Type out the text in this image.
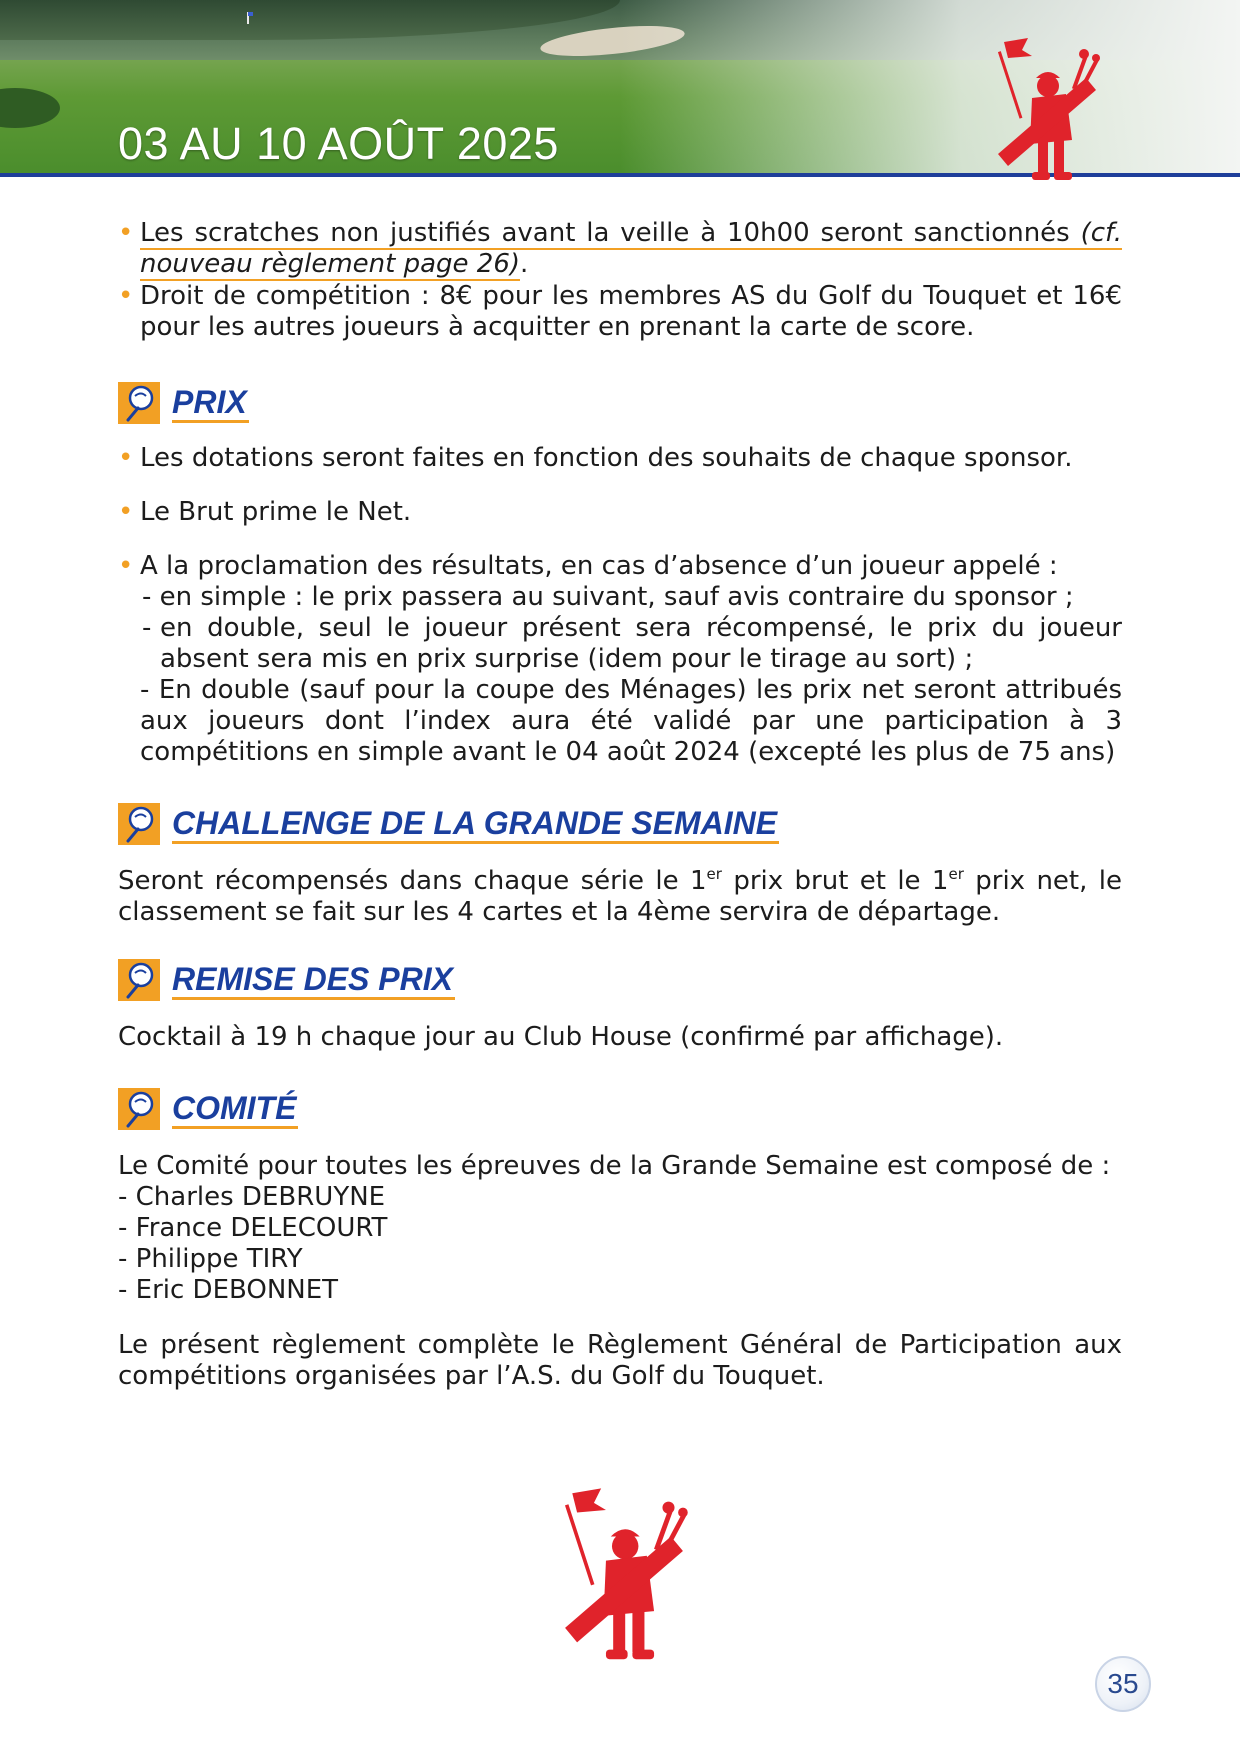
03 AU 10 AOÛT 2025
• Les scratches non justifiés avant la veille à 10h00 seront sanctionnés (cf. nouveau règlement page 26).
• Droit de compétition : 8€ pour les membres AS du Golf du Touquet et 16€ pour les autres joueurs à acquitter en prenant la carte de score.
PRIX
• Les dotations seront faites en fonction des souhaits de chaque sponsor.
• Le Brut prime le Net.
• A la proclamation des résultats, en cas d’absence d’un joueur appelé :
- en simple : le prix passera au suivant, sauf avis contraire du sponsor ;
- en double, seul le joueur présent sera récompensé, le prix du joueur absent sera mis en prix surprise (idem pour le tirage au sort) ;
- En double (sauf pour la coupe des Ménages) les prix net seront attribués aux joueurs dont l’index aura été validé par une participation à 3 compétitions en simple avant le 04 août 2024 (excepté les plus de 75 ans)
CHALLENGE DE LA GRANDE SEMAINE
Seront récompensés dans chaque série le 1er prix brut et le 1er prix net, le classement se fait sur les 4 cartes et la 4ème servira de départage.
REMISE DES PRIX
Cocktail à 19 h chaque jour au Club House (confirmé par affichage).
COMITÉ
Le Comité pour toutes les épreuves de la Grande Semaine est composé de :
- Charles DEBRUYNE
- France DELECOURT
- Philippe TIRY
- Eric DEBONNET
Le présent règlement complète le Règlement Général de Participation aux compétitions organisées par l’A.S. du Golf du Touquet.
35
